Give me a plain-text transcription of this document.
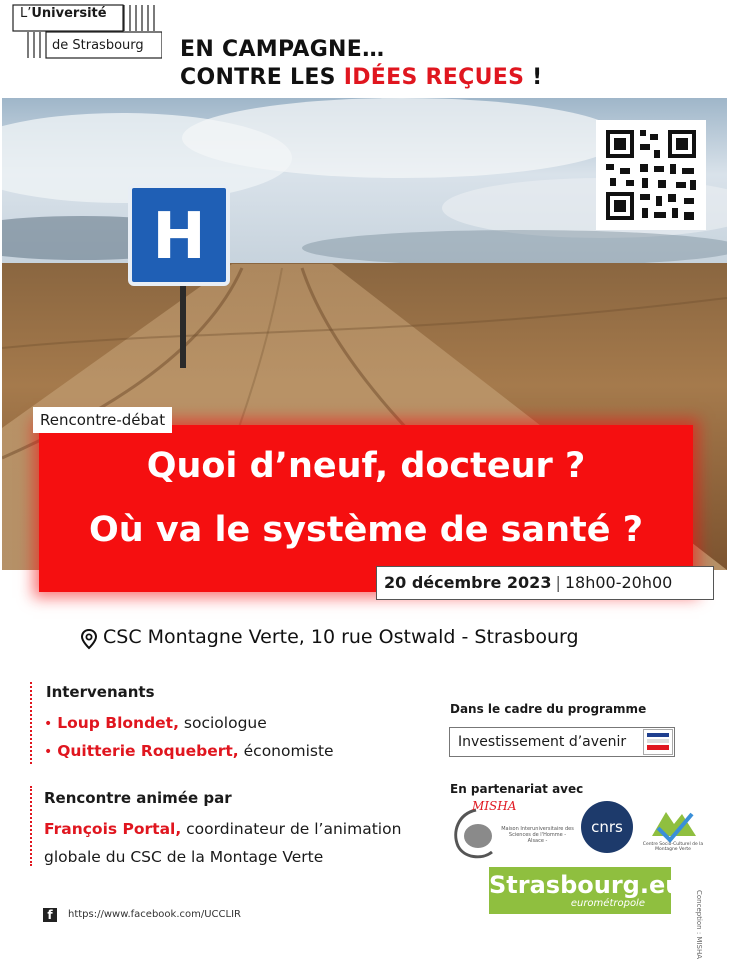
L’Université
de Strasbourg EN CAMPAGNE…
CONTRE LES IDÉES REÇUES !
H
Rencontre-débat
Quoi d’neuf, docteur ?
Où va le système de santé ?
20 décembre 2023 | 18h00-20h00
CSC Montagne Verte, 10 rue Ostwald - Strasbourg
Intervenants
• Loup Blondet, sociologue
• Quitterie Roquebert, économiste
Rencontre animée par
François Portal, coordinateur de l’animation
globale du CSC de la Montage Verte
Dans le cadre du programme
Investissement d’avenir
En partenariat avec
MISHA
Maison Interuniversitaire des Sciences de l'Homme - Alsace -
cnrs
Centre Socio-Culturel de la Montagne Verte
Strasbourg.eu
eurométropole
f	https://www.facebook.com/UCCLIR	Conception : MISHA
